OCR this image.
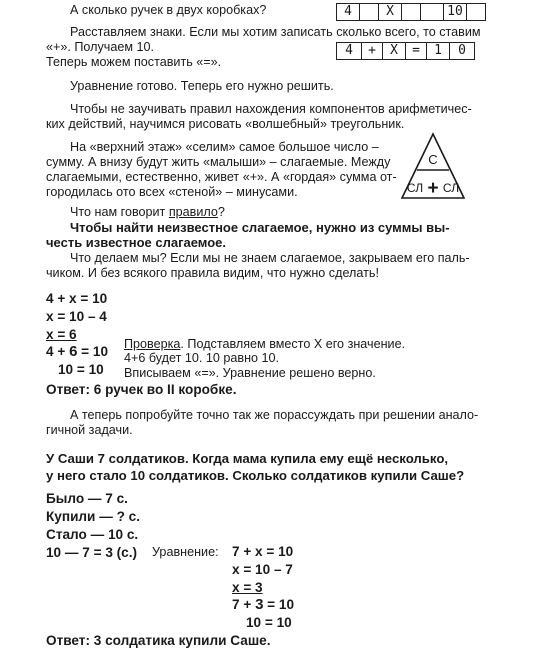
А сколько ручек в двух коробках?	4	X	10
Расставляем знаки. Если мы хотим записать сколько всего, то ставим
«+». Получаем 10.
Теперь можем поставить «=».
4	+	X	=	1	0
Уравнение готово. Теперь его нужно решить.
Чтобы не заучивать правил нахождения компонентов арифметичес-
ких действий, научимся рисовать «волшебный» треугольник.
На «верхний этаж» «селим» самое большое число –
сумму. А внизу будут жить «малыши» – слагаемые. Между
слагаемыми, естественно, живет «+». А «гордая» сумма от-
городилась ото всех «стеной» – минусами.
С
СЛ + СЛ
Что нам говорит правило?
Чтобы найти неизвестное слагаемое, нужно из суммы вы-
честь известное слагаемое.
Что делаем мы? Если мы не знаем слагаемое, закрываем его паль-
чиком. И без всякого правила видим, что нужно сделать!
4 + x = 10
x = 10 – 4
x = 6
4 + 6 = 10
10 = 10
Проверка. Подставляем вместо Х его значение.
4+6 будет 10. 10 равно 10.
Вписываем «=». Уравнение решено верно.
Ответ: 6 ручек во II коробке.
А теперь попробуйте точно так же порассуждать при решении анало-
гичной задачи.
У Саши 7 солдатиков. Когда мама купила ему ещё несколько,
у него стало 10 солдатиков. Сколько солдатиков купили Саше?
Было — 7 с.
Купили — ? с.
Стало — 10 с.
10 — 7 = 3 (с.) Уравнение: 7 + x = 10
x = 10 – 7
x = 3
7 + 3 = 10
10 = 10
Ответ: 3 солдатика купили Саше.
